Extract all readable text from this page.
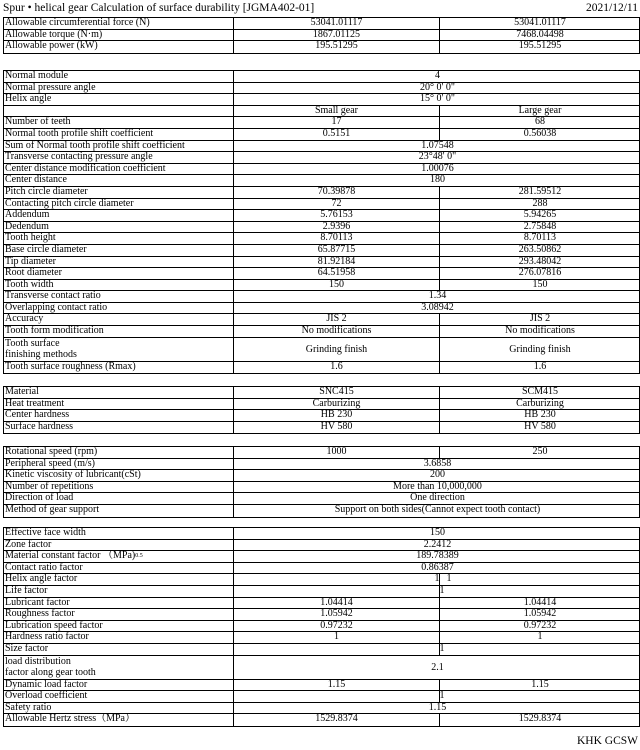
Spur • helical gear Calculation of surface durability [JGMA402-01]	2021/12/11
Allowable circumferential force (N)	53041.01117	53041.01117
Allowable torque (N·m)	1867.01125	7468.04498
Allowable power (kW)	195.51295	195.51295
Normal module	4
Normal pressure angle	20° 0' 0"
Helix angle	15° 0' 0"
Small gear	Large gear
Number of teeth	17	68
Normal tooth profile shift coefficient	0.5151	0.56038
Sum of Normal tooth profile shift coefficient	1.07548
Transverse contacting pressure angle	23°48' 0"
Center distance modification coefficient	1.00076
Center distance	180
Pitch circle diameter	70.39878	281.59512
Contacting pitch circle diameter	72	288
Addendum	5.76153	5.94265
Dedendum	2.9396	2.75848
Tooth height	8.70113	8.70113
Base circle diameter	65.87715	263.50862
Tip diameter	81.92184	293.48042
Root diameter	64.51958	276.07816
Tooth width	150	150
Transverse contact ratio	1.34
Overlapping contact ratio	3.08942
Accuracy	JIS 2	JIS 2
Tooth form modification	No modifications	No modifications
Tooth surface
finishing methods	Grinding finish	Grinding finish
Tooth surface roughness (Rmax)	1.6	1.6
Material	SNC415	SCM415
Heat treatment	Carburizing	Carburizing
Center hardness	HB 230	HB 230
Surface hardness	HV 580	HV 580
Rotational speed (rpm)	1000	250
Peripheral speed (m/s)	3.6858
Kinetic viscosity of lubricant(cSt)	200
Number of repetitions	More than 10,000,000
Direction of load	One direction
Method of gear support	Support on both sides(Cannot expect tooth contact)
Effective face width	150
Zone factor	2.2412
Material constant factor （MPa)$^{0.5}$	189.78389
Contact ratio factor	0.86387
Helix angle factor	1 1
Life factor	1
Lubricant factor	1.04414	1.04414
Roughness factor	1.05942	1.05942
Lubrication speed factor	0.97232	0.97232
Hardness ratio factor	1	1
Size factor	1
load distribution
factor along gear tooth	2.1
Dynamic load factor	1.15	1.15
Overload coefficient	1
Safety ratio	1.15
Allowable Hertz stress（MPa）	1529.8374	1529.8374
KHK GCSW
